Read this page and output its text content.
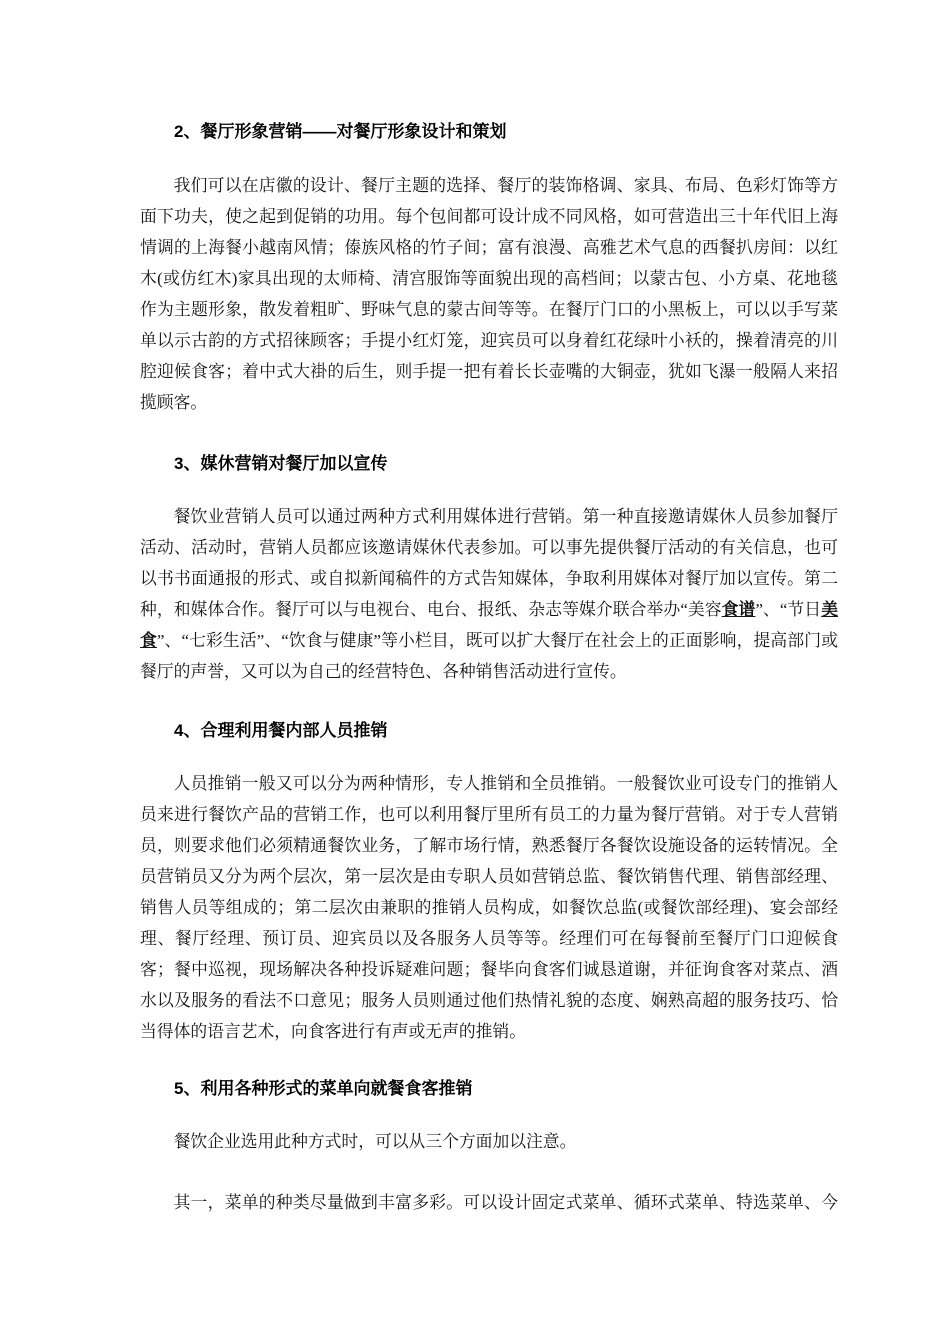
2、餐厅形象营销——对餐厅形象设计和策划

我们可以在店徽的设计、餐厅主题的选择、餐厅的装饰格调、家具、布局、色彩灯饰等方面下功夫，使之起到促销的功用。每个包间都可设计成不同风格，如可营造出三十年代旧上海情调的上海餐小越南风情；傣族风格的竹子间；富有浪漫、高雅艺术气息的西餐扒房间：以红木(或仿红木)家具出现的太师椅、清宫服饰等面貌出现的高档间；以蒙古包、小方桌、花地毯作为主题形象，散发着粗旷、野味气息的蒙古间等等。在餐厅门口的小黑板上，可以以手写菜单以示古韵的方式招徕顾客；手提小红灯笼，迎宾员可以身着红花绿叶小袄的，操着清亮的川腔迎候食客；着中式大褂的后生，则手提一把有着长长壶嘴的大铜壶，犹如飞瀑一般隔人来招揽顾客。

3、媒休营销对餐厅加以宣传

餐饮业营销人员可以通过两种方式利用媒体进行营销。第一种直接邀请媒休人员参加餐厅活动、活动时，营销人员都应该邀请媒休代表参加。可以事先提供餐厅活动的有关信息，也可以书书面通报的形式、或自拟新闻稿件的方式告知媒体，争取利用媒体对餐厅加以宣传。第二种，和媒体合作。餐厅可以与电视台、电台、报纸、杂志等媒介联合举办“美容食谱”、“节日美食”、“七彩生活”、“饮食与健康”等小栏目，既可以扩大餐厅在社会上的正面影响，提高部门或餐厅的声誉，又可以为自己的经营特色、各种销售活动进行宣传。

4、合理利用餐内部人员推销

人员推销一般又可以分为两种情形，专人推销和全员推销。一般餐饮业可设专门的推销人员来进行餐饮产品的营销工作，也可以利用餐厅里所有员工的力量为餐厅营销。对于专人营销员，则要求他们必须精通餐饮业务，了解市场行情，熟悉餐厅各餐饮设施设备的运转情况。全员营销员又分为两个层次，第一层次是由专职人员如营销总监、餐饮销售代理、销售部经理、销售人员等组成的；第二层次由兼职的推销人员构成，如餐饮总监(或餐饮部经理)、宴会部经理、餐厅经理、预订员、迎宾员以及各服务人员等等。经理们可在每餐前至餐厅门口迎候食客；餐中巡视，现场解决各种投诉疑难问题；餐毕向食客们诚恳道谢，并征询食客对菜点、酒水以及服务的看法不口意见；服务人员则通过他们热情礼貌的态度、娴熟高超的服务技巧、恰当得体的语言艺术，向食客进行有声或无声的推销。

5、利用各种形式的菜单向就餐食客推销

餐饮企业选用此种方式时，可以从三个方面加以注意。

其一，菜单的种类尽量做到丰富多彩。可以设计固定式菜单、循环式菜单、特选菜单、今
